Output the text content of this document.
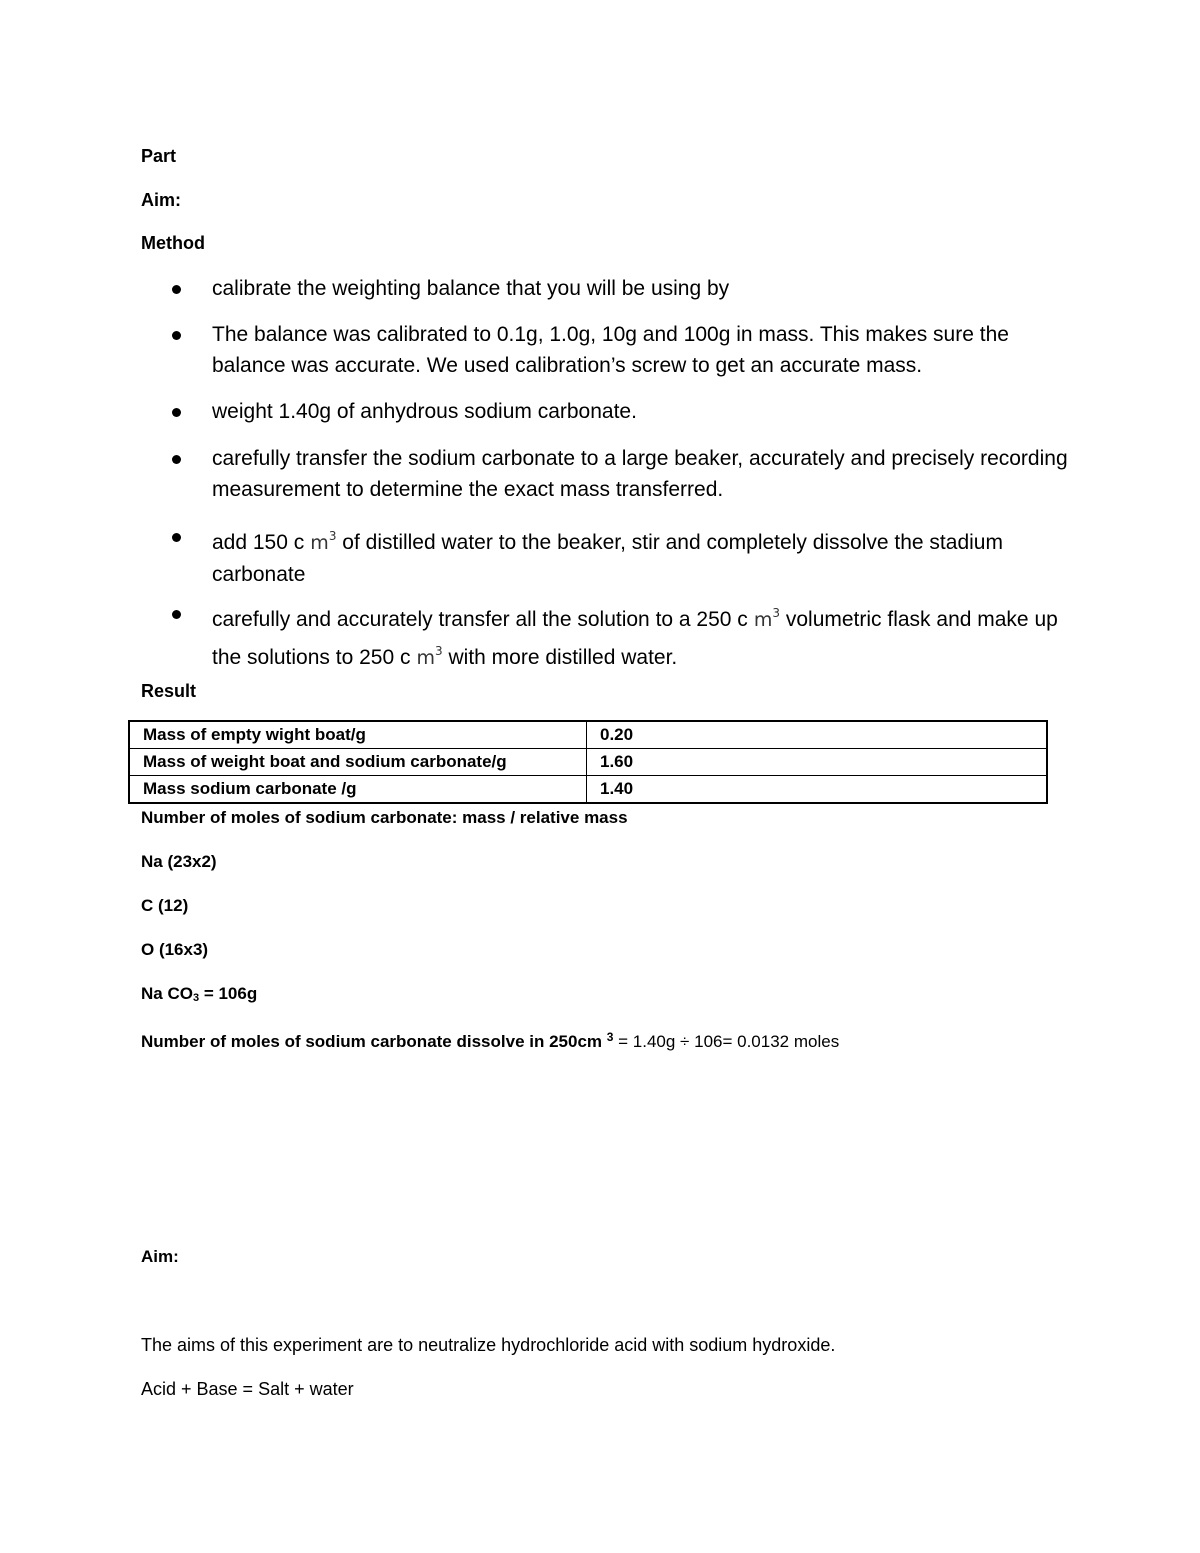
Part
Aim:
Method
calibrate the weighting balance that you will be using by
The balance was calibrated to 0.1g, 1.0g, 10g and 100g in mass. This makes sure the balance was accurate. We used calibration’s screw to get an accurate mass.
weight 1.40g of anhydrous sodium carbonate.
carefully transfer the sodium carbonate to a large beaker, accurately and precisely recording measurement to determine the exact mass transferred.
add 150 c $m^3$ of distilled water to the beaker, stir and completely dissolve the stadium carbonate
carefully and accurately transfer all the solution to a 250 c $m^3$ volumetric flask and make up the solutions to 250 c $m^3$ with more distilled water.
Result
Mass of empty wight boat/g	0.20
Mass of weight boat and sodium carbonate/g	1.60
Mass sodium carbonate /g	1.40
Number of moles of sodium carbonate: mass / relative mass
Na (23x2)
C (12)
O (16x3)
Na CO3 = 106g
Number of moles of sodium carbonate dissolve in 250cm $^3$ = 1.40g ÷ 106= 0.0132 moles
Aim:
The aims of this experiment are to neutralize hydrochloride acid with sodium hydroxide.
Acid + Base = Salt + water
